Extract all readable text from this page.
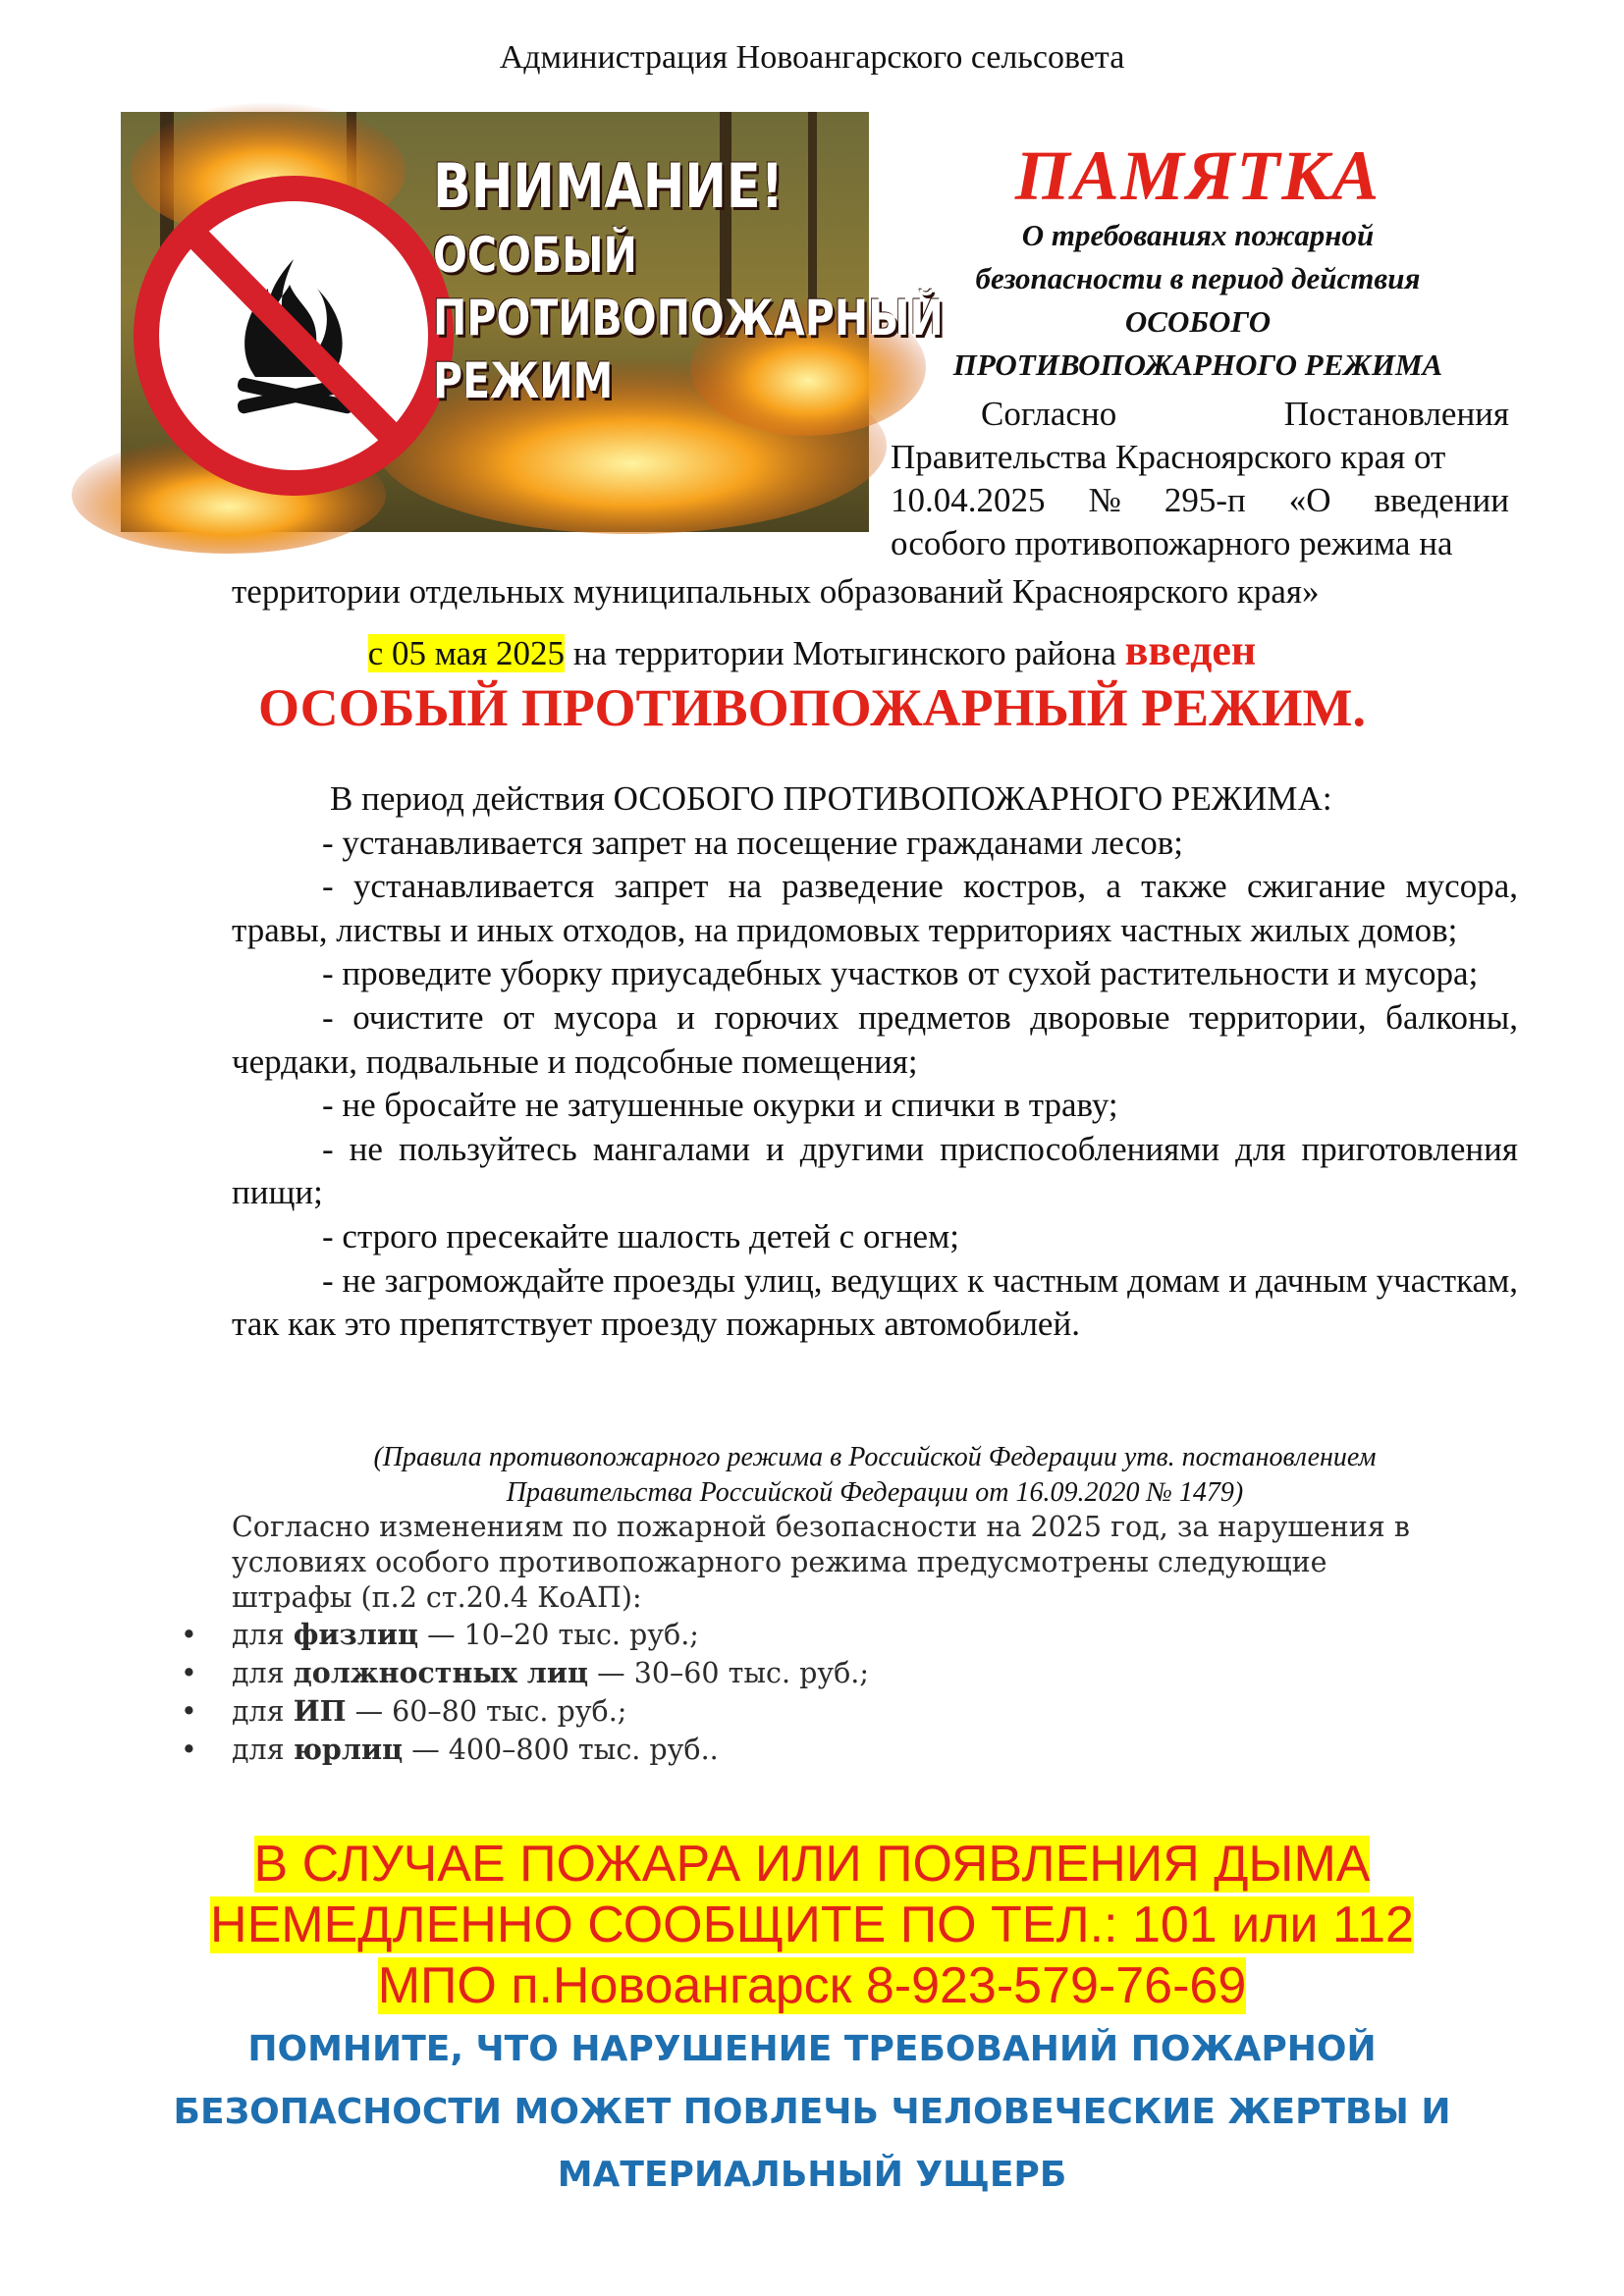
Администрация Новоангарского сельсовета
ВНИМАНИЕ!
ОСОБЫЙ
ПРОТИВОПОЖАРНЫЙ
РЕЖИМ
ПАМЯТКА
О требованиях пожарной
безопасности в период действия
ОСОБОГО
ПРОТИВОПОЖАРНОГО РЕЖИМА
Согласно	Постановления
Правительства Красноярского края от
10.04.2025 № 295-п «О введении
особого противопожарного режима на
территории отдельных муниципальных образований Красноярского края»
с 05 мая 2025 на территории Мотыгинского района введен
ОСОБЫЙ ПРОТИВОПОЖАРНЫЙ РЕЖИМ.

В период действия ОСОБОГО ПРОТИВОПОЖАРНОГО РЕЖИМА:

- устанавливается запрет на посещение гражданами лесов;

- устанавливается запрет на разведение костров, а также сжигание мусора, травы, листвы и иных отходов, на придомовых территориях частных жилых домов;

- проведите уборку приусадебных участков от сухой растительности и мусора;

- очистите от мусора и горючих предметов дворовые территории, балконы, чердаки, подвальные и подсобные помещения;

- не бросайте не затушенные окурки и спички в траву;

- не пользуйтесь мангалами и другими приспособлениями для приготовления пищи;

- строго пресекайте шалость детей с огнем;

- не загромождайте проезды улиц, ведущих к частным домам и дачным участкам, так как это препятствует проезду пожарных автомобилей.

(Правила противопожарного режима в Российской Федерации утв. постановлением
Правительства Российской Федерации от 16.09.2020 № 1479)
Согласно изменениям по пожарной безопасности на 2025 год, за нарушения в
условиях особого противопожарного режима предусмотрены следующие
штрафы (п.2 ст.20.4 КоАП):
• для физлиц — 10–20 тыс. руб.;
• для должностных лиц — 30–60 тыс. руб.;
• для ИП — 60–80 тыс. руб.;
• для юрлиц — 400–800 тыс. руб..
В СЛУЧАЕ ПОЖАРА ИЛИ ПОЯВЛЕНИЯ ДЫМА
НЕМЕДЛЕННО СООБЩИТЕ ПО ТЕЛ.: 101 или 112
МПО п.Новоангарск 8-923-579-76-69
ПОМНИТЕ, ЧТО НАРУШЕНИЕ ТРЕБОВАНИЙ ПОЖАРНОЙ
БЕЗОПАСНОСТИ МОЖЕТ ПОВЛЕЧЬ ЧЕЛОВЕЧЕСКИЕ ЖЕРТВЫ И
МАТЕРИАЛЬНЫЙ УЩЕРБ
